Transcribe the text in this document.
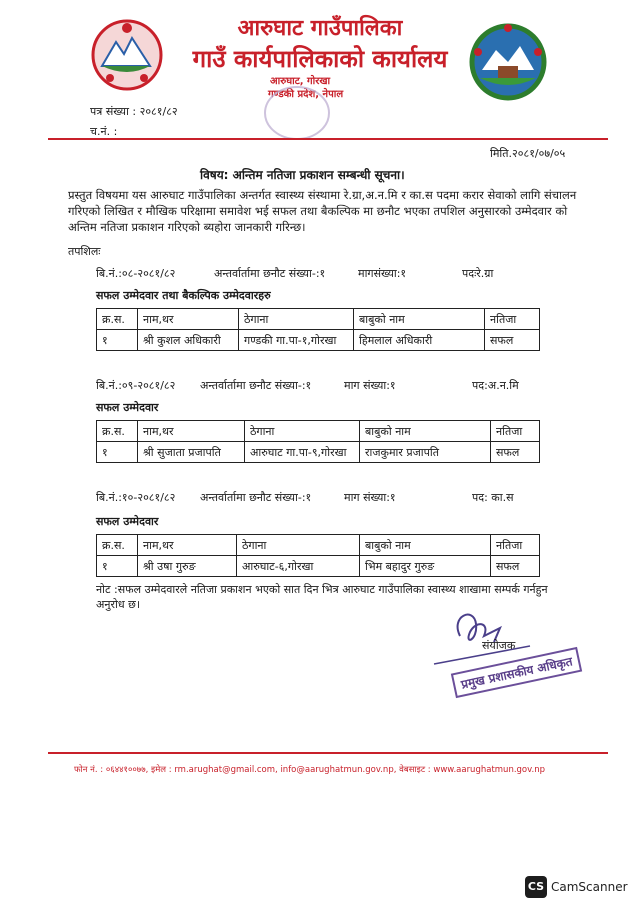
आरुघाट गाउँपालिका
गाउँ कार्यपालिकाको कार्यालय
आरुघाट, गोरखा
गण्डकी प्रदेश, नेपाल
पत्र संख्या : २०८१/८२
च.नं. :
मिति.२०८१/०७/०५
विषय: अन्तिम नतिजा प्रकाशन सम्बन्धी सूचना।
प्रस्तुत विषयमा यस आरुघाट गाउँपालिका अन्तर्गत स्वास्थ्य संस्थामा रे.ग्रा,अ.न.मि र का.स पदमा करार सेवाको लागि संचालन गरिएको लिखित र मौखिक परिक्षामा समावेश भई सफल तथा बैकल्पिक मा छनौट भएका तपशिल अनुसारको उम्मेदवार को अन्तिम नतिजा प्रकाशन गरिएको ब्यहोरा जानकारी गरिन्छ।
तपशिलः
बि.नं.:०८-२०८१/८२	अन्तर्वार्तामा छनौट संख्या-:१	मागसंख्या:१	पदःरे.ग्रा
सफल उम्मेदवार तथा बैकल्पिक उम्मेदवारहरु
क्र.स.	नाम,थर	ठेगाना	बाबुको नाम	नतिजा
१	श्री कुशल अधिकारी	गण्डकी गा.पा-१,गोरखा	हिमलाल अधिकारी	सफल
बि.नं.:०९-२०८१/८२ अन्तर्वार्तामा छनौट संख्या-:१	माग संख्या:१	पद:अ.न.मि
सफल उम्मेदवार
क्र.स.	नाम,थर	ठेगाना	बाबुको नाम	नतिजा
१	श्री सुजाता प्रजापति	आरुघाट गा.पा-९,गोरखा	राजकुमार प्रजापति	सफल
बि.नं.:१०-२०८१/८२ अन्तर्वार्तामा छनौट संख्या-:१	माग संख्या:१	पद: का.स
सफल उम्मेदवार
क्र.स.	नाम,थर	ठेगाना	बाबुको नाम	नतिजा
१	श्री उषा गुरुङ	आरुघाट-६,गोरखा	भिम बहादुर गुरुङ	सफल
नोट :सफल उम्मेदवारले नतिजा प्रकाशन भएको सात दिन भित्र आरुघाट गाउँपालिका स्वास्थ्य शाखामा सम्पर्क गर्नहुन अनुरोध छ।
संयोजक
प्रमुख प्रशासकीय अधिकृत
फोन नं. : ०६४४१००७७, इमेल : rm.arughat@gmail.com, info@aarughatmun.gov.np, वेबसाइट : www.aarughatmun.gov.np
CS CamScanner
